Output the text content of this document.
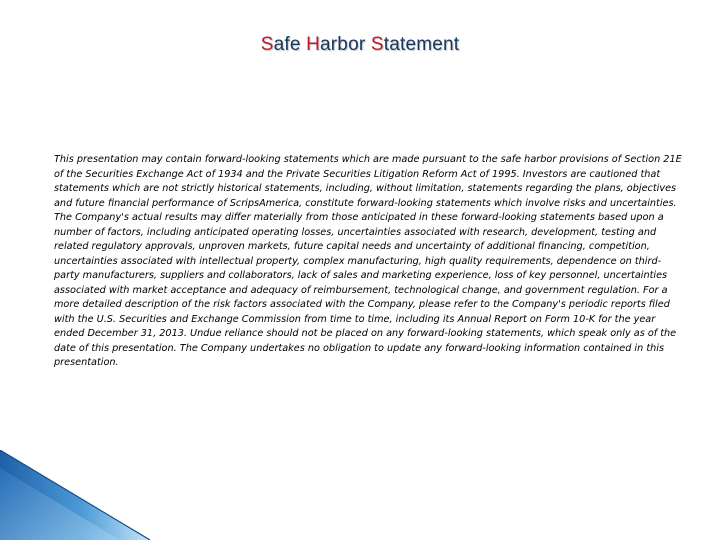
Safe Harbor Statement
This presentation may contain forward-looking statements which are made pursuant to the safe harbor provisions of Section 21E of the Securities Exchange Act of 1934 and the Private Securities Litigation Reform Act of 1995. Investors are cautioned that statements which are not strictly historical statements, including, without limitation, statements regarding the plans, objectives and future financial performance of ScripsAmerica, constitute forward-looking statements which involve risks and uncertainties. The Company's actual results may differ materially from those anticipated in these forward-looking statements based upon a number of factors, including anticipated operating losses, uncertainties associated with research, development, testing and related regulatory approvals, unproven markets, future capital needs and uncertainty of additional financing, competition, uncertainties associated with intellectual property, complex manufacturing, high quality requirements, dependence on third-party manufacturers, suppliers and collaborators, lack of sales and marketing experience, loss of key personnel, uncertainties associated with market acceptance and adequacy of reimbursement, technological change, and government regulation. For a more detailed description of the risk factors associated with the Company, please refer to the Company's periodic reports filed with the U.S. Securities and Exchange Commission from time to time, including its Annual Report on Form 10-K for the year ended December 31, 2013. Undue reliance should not be placed on any forward-looking statements, which speak only as of the date of this presentation. The Company undertakes no obligation to update any forward-looking information contained in this presentation.
